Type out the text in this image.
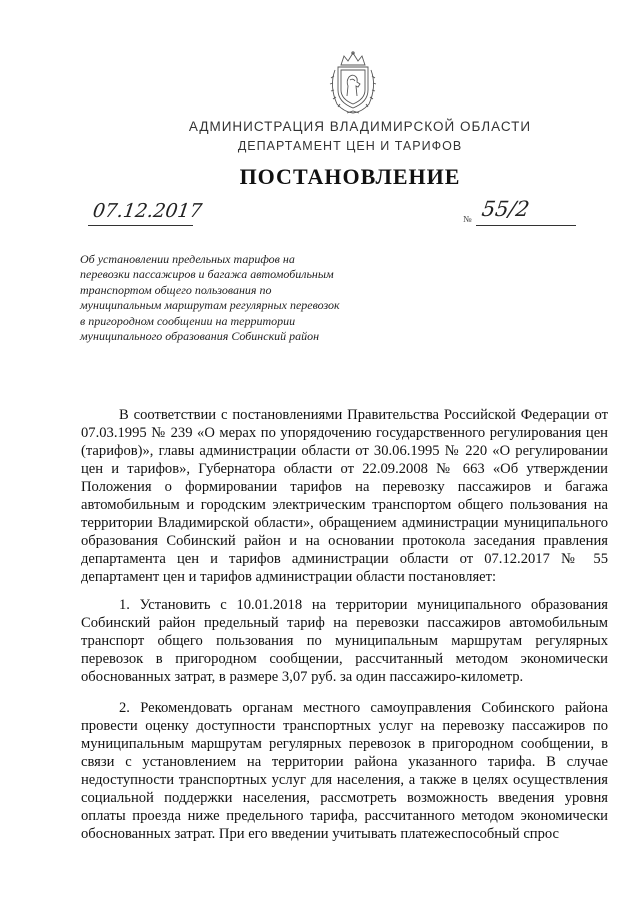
АДМИНИСТРАЦИЯ ВЛАДИМИРСКОЙ ОБЛАСТИ
ДЕПАРТАМЕНТ ЦЕН И ТАРИФОВ
ПОСТАНОВЛЕНИЕ
07.12.2017	№ 55/2
Об установлении предельных тарифов на перевозки пассажиров и багажа автомобильным транспортом общего пользования по муниципальным маршрутам регулярных перевозок в пригородном сообщении на территории муниципального образования Собинский район

В соответствии с постановлениями Правительства Российской Федерации от 07.03.1995 № 239 «О мерах по упорядочению государственного регулирования цен (тарифов)», главы администрации области от 30.06.1995 № 220 «О регулировании цен и тарифов», Губернатора области от 22.09.2008 № 663 «Об утверждении Положения о формировании тарифов на перевозку пассажиров и багажа автомобильным и городским электрическим транспортом общего пользования на территории Владимирской области», обращением администрации муниципального образования Собинский район и на основании протокола заседания правления департамента цен и тарифов администрации области от 07.12.2017 № 55 департамент цен и тарифов администрации области постановляет:

1. Установить с 10.01.2018 на территории муниципального образования Собинский район предельный тариф на перевозки пассажиров автомобильным транспорт общего пользования по муниципальным маршрутам регулярных перевозок в пригородном сообщении, рассчитанный методом экономически обоснованных затрат, в размере 3,07 руб. за один пассажиро-километр.

2. Рекомендовать органам местного самоуправления Собинского района провести оценку доступности транспортных услуг на перевозку пассажиров по муниципальным маршрутам регулярных перевозок в пригородном сообщении, в связи с установлением на территории района указанного тарифа. В случае недоступности транспортных услуг для населения, а также в целях осуществления социальной поддержки населения, рассмотреть возможность введения уровня оплаты проезда ниже предельного тарифа, рассчитанного методом экономически обоснованных затрат. При его введении учитывать платежеспособный спрос
